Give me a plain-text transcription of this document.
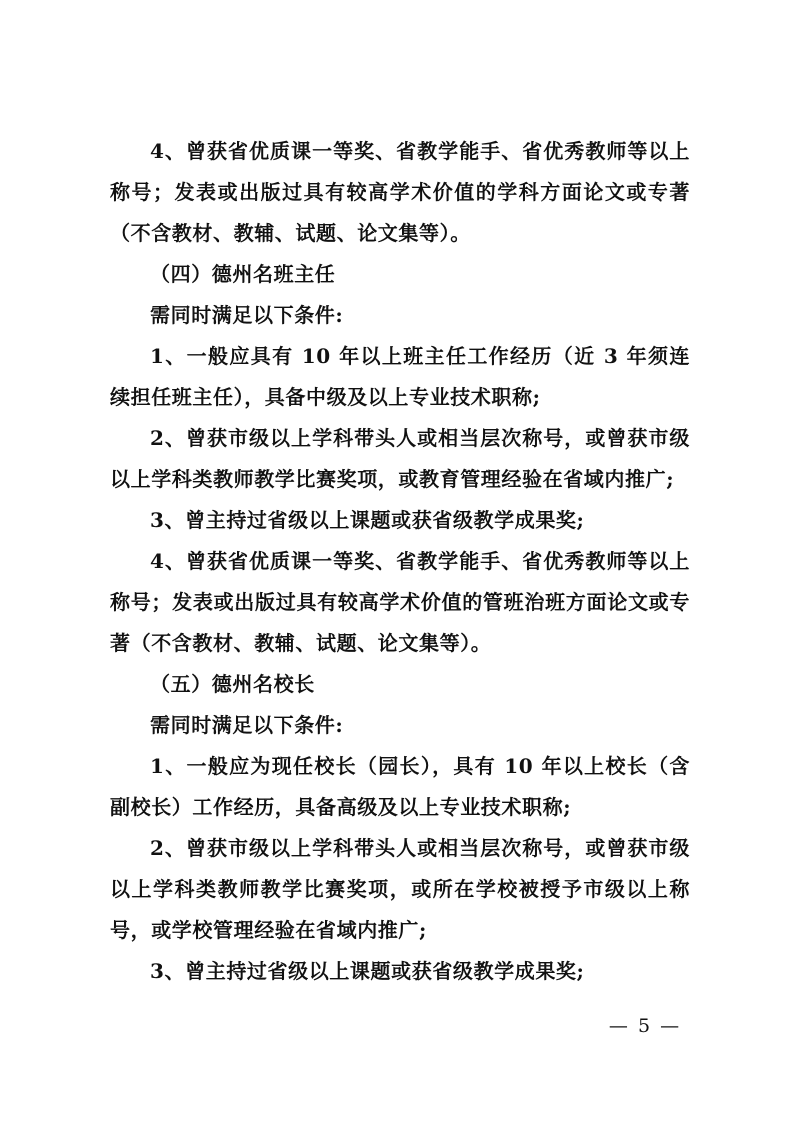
4、曾获省优质课一等奖、省教学能手、省优秀教师等以上称号；发表或出版过具有较高学术价值的学科方面论文或专著（不含教材、教辅、试题、论文集等）。

（四）德州名班主任

需同时满足以下条件:

1、一般应具有 10 年以上班主任工作经历（近 3 年须连续担任班主任），具备中级及以上专业技术职称;

2、曾获市级以上学科带头人或相当层次称号，或曾获市级以上学科类教师教学比赛奖项，或教育管理经验在省域内推广;

3、曾主持过省级以上课题或获省级教学成果奖;

4、曾获省优质课一等奖、省教学能手、省优秀教师等以上称号；发表或出版过具有较高学术价值的管班治班方面论文或专著（不含教材、教辅、试题、论文集等）。

（五）德州名校长

需同时满足以下条件:

1、一般应为现任校长（园长），具有 10 年以上校长（含副校长）工作经历，具备高级及以上专业技术职称;

2、曾获市级以上学科带头人或相当层次称号，或曾获市级以上学科类教师教学比赛奖项，或所在学校被授予市级以上称号，或学校管理经验在省域内推广;

3、曾主持过省级以上课题或获省级教学成果奖;

— 5 —
